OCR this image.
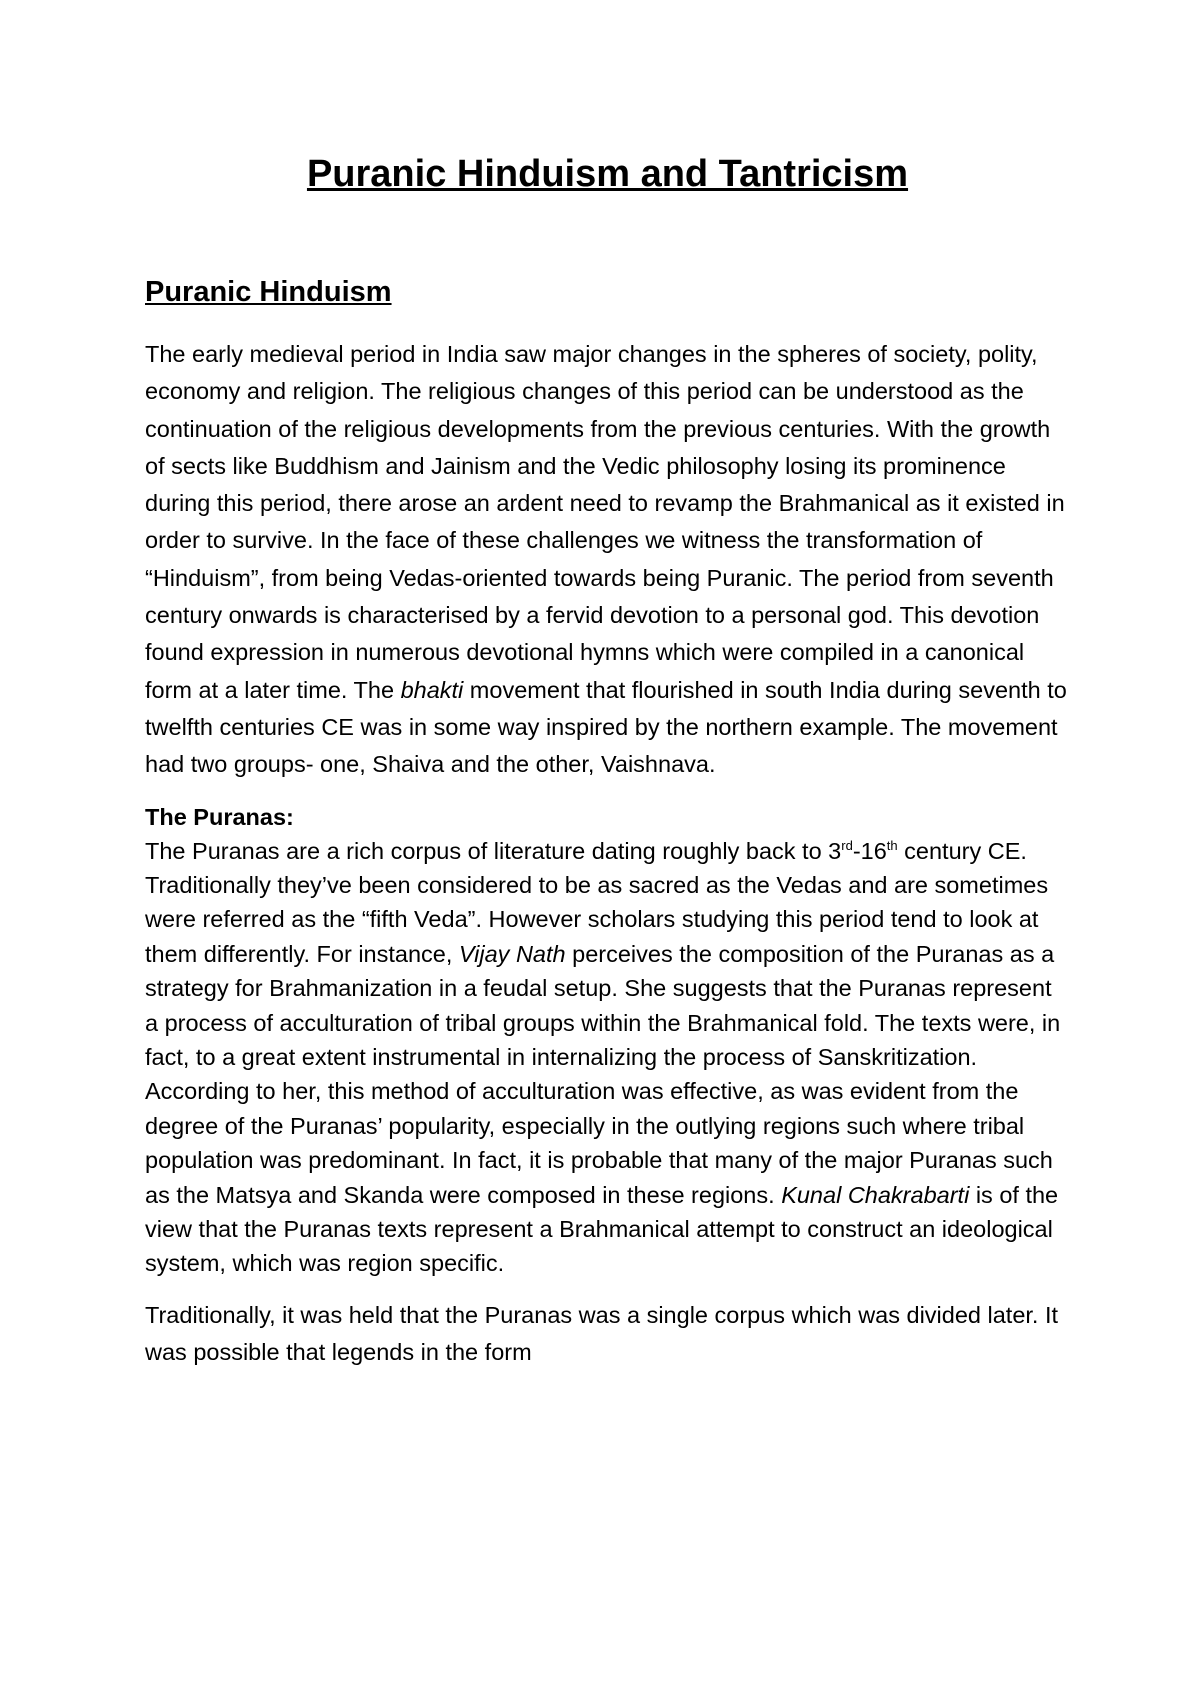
Puranic Hinduism and Tantricism
Puranic Hinduism

The early medieval period in India saw major changes in the spheres of society, polity, economy and religion. The religious changes of this period can be understood as the continuation of the religious developments from the previous centuries. With the growth of sects like Buddhism and Jainism and the Vedic philosophy losing its prominence during this period, there arose an ardent need to revamp the Brahmanical as it existed in order to survive. In the face of these challenges we witness the transformation of “Hinduism”, from being Vedas-oriented towards being Puranic. The period from seventh century onwards is characterised by a fervid devotion to a personal god. This devotion found expression in numerous devotional hymns which were compiled in a canonical form at a later time. The bhakti movement that flourished in south India during seventh to twelfth centuries CE was in some way inspired by the northern example. The movement had two groups- one, Shaiva and the other, Vaishnava.

The Puranas:

The Puranas are a rich corpus of literature dating roughly back to 3rd-16th century CE. Traditionally they’ve been considered to be as sacred as the Vedas and are sometimes were referred as the “fifth Veda”. However scholars studying this period tend to look at them differently. For instance, Vijay Nath perceives the composition of the Puranas as a strategy for Brahmanization in a feudal setup. She suggests that the Puranas represent a process of acculturation of tribal groups within the Brahmanical fold. The texts were, in fact, to a great extent instrumental in internalizing the process of Sanskritization. According to her, this method of acculturation was effective, as was evident from the degree of the Puranas’ popularity, especially in the outlying regions such where tribal population was predominant. In fact, it is probable that many of the major Puranas such as the Matsya and Skanda were composed in these regions. Kunal Chakrabarti is of the view that the Puranas texts represent a Brahmanical attempt to construct an ideological system, which was region specific.

Traditionally, it was held that the Puranas was a single corpus which was divided later. It was possible that legends in the form
